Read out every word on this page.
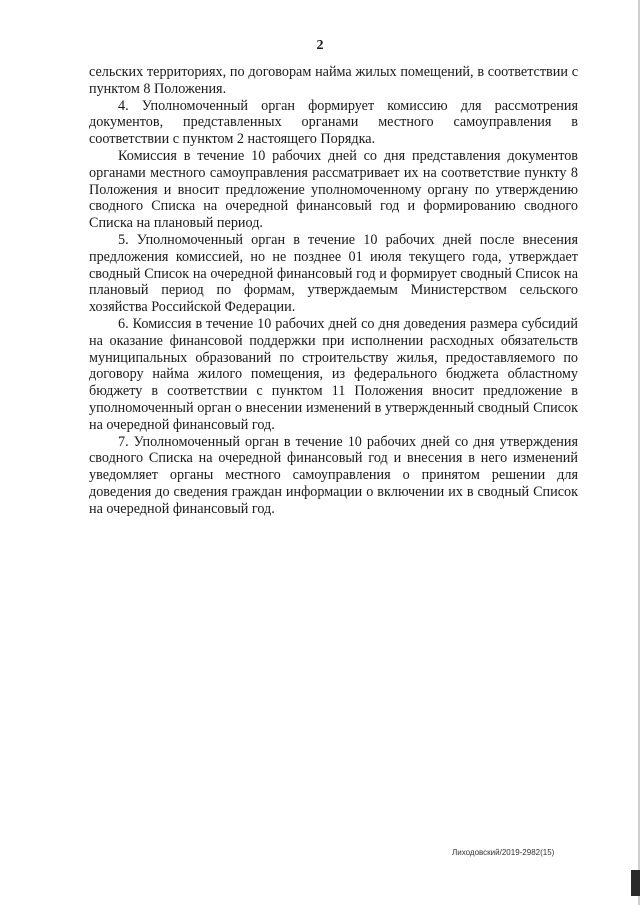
2

сельских территориях, по договорам найма жилых помещений, в соответствии с пунктом 8 Положения.

4. Уполномоченный орган формирует комиссию для рассмотрения документов, представленных органами местного самоуправления в соответствии с пунктом 2 настоящего Порядка.

Комиссия в течение 10 рабочих дней со дня представления документов органами местного самоуправления рассматривает их на соответствие пункту 8 Положения и вносит предложение уполномоченному органу по утверждению сводного Списка на очередной финансовый год и формированию сводного Списка на плановый период.

5. Уполномоченный орган в течение 10 рабочих дней после внесения предложения комиссией, но не позднее 01 июля текущего года, утверждает сводный Список на очередной финансовый год и формирует сводный Список на плановый период по формам, утверждаемым Министерством сельского хозяйства Российской Федерации.

6. Комиссия в течение 10 рабочих дней со дня доведения размера субсидий на оказание финансовой поддержки при исполнении расходных обязательств муниципальных образований по строительству жилья, предоставляемого по договору найма жилого помещения, из федерального бюджета областному бюджету в соответствии с пунктом 11 Положения вносит предложение в уполномоченный орган о внесении изменений в утвержденный сводный Список на очередной финансовый год.

7. Уполномоченный орган в течение 10 рабочих дней со дня утверждения сводного Списка на очередной финансовый год и внесения в него изменений уведомляет органы местного самоуправления о принятом решении для доведения до сведения граждан информации о включении их в сводный Список на очередной финансовый год.

Лиходовский/2019-2982(15)
